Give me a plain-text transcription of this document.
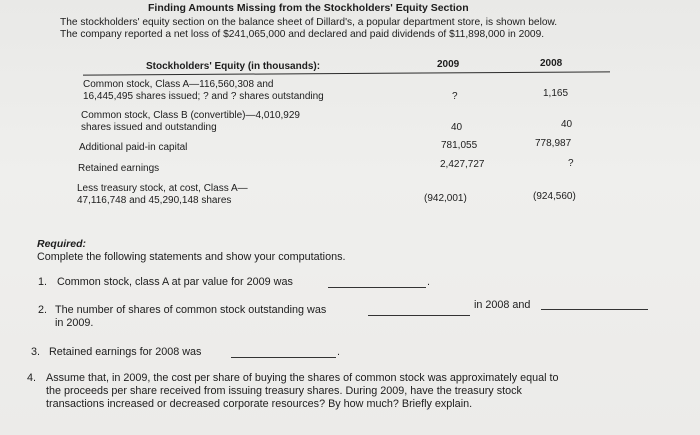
Finding Amounts Missing from the Stockholders' Equity Section
The stockholders' equity section on the balance sheet of Dillard's, a popular department store, is shown below.
The company reported a net loss of $241,065,000 and declared and paid dividends of $11,898,000 in 2009.
Stockholders' Equity (in thousands):	2009	2008
Common stock, Class A—116,560,308 and
16,445,495 shares issued; ? and ? shares outstanding	?	1,165
Common stock, Class B (convertible)—4,010,929
shares issued and outstanding	40	40
Additional paid-in capital	781,055	778,987
Retained earnings	2,427,727	?
Less treasury stock, at cost, Class A—
47,116,748 and 45,290,148 shares	(942,001)	(924,560)
Required:
Complete the following statements and show your computations.
1. Common stock, class A at par value for 2009 was	.
2. The number of shares of common stock outstanding was	in 2008 and
in 2009.
3. Retained earnings for 2008 was	.
4. Assume that, in 2009, the cost per share of buying the shares of common stock was approximately equal to
the proceeds per share received from issuing treasury shares. During 2009, have the treasury stock
transactions increased or decreased corporate resources? By how much? Briefly explain.
